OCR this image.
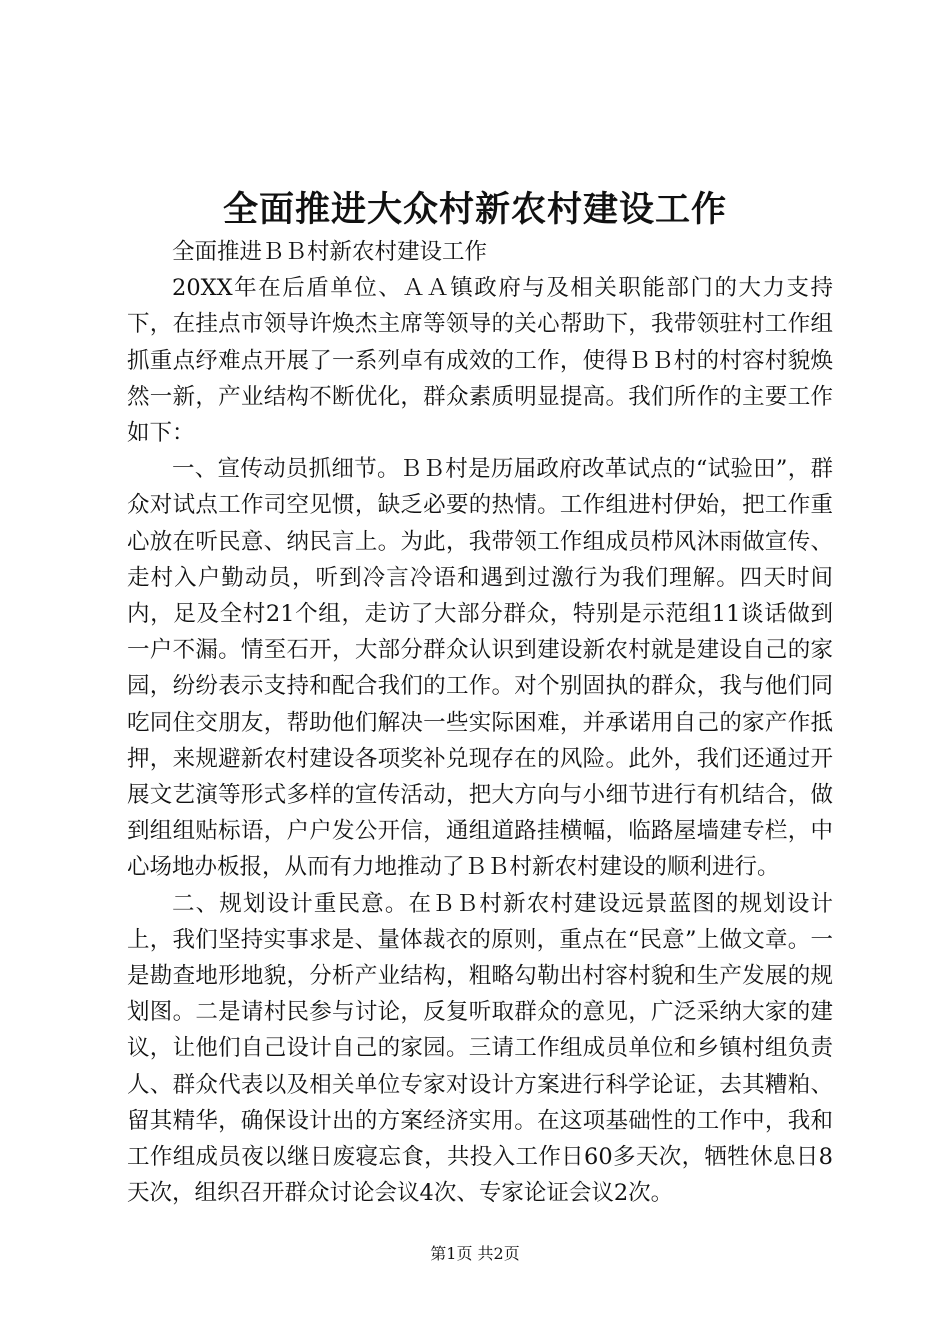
全面推进大众村新农村建设工作

全面推进ＢＢ村新农村建设工作

20XX年在后盾单位、ＡＡ镇政府与及相关职能部门的大力支持下，在挂点市领导许焕杰主席等领导的关心帮助下，我带领驻村工作组抓重点纾难点开展了一系列卓有成效的工作，使得ＢＢ村的村容村貌焕然一新，产业结构不断优化，群众素质明显提高。我们所作的主要工作如下：

一、宣传动员抓细节。ＢＢ村是历届政府改革试点的“试验田”，群众对试点工作司空见惯，缺乏必要的热情。工作组进村伊始，把工作重心放在听民意、纳民言上。为此，我带领工作组成员栉风沐雨做宣传、走村入户勤动员，听到冷言冷语和遇到过激行为我们理解。四天时间内，足及全村21个组，走访了大部分群众，特别是示范组11谈话做到一户不漏。情至石开，大部分群众认识到建设新农村就是建设自己的家园，纷纷表示支持和配合我们的工作。对个别固执的群众，我与他们同吃同住交朋友，帮助他们解决一些实际困难，并承诺用自己的家产作抵押，来规避新农村建设各项奖补兑现存在的风险。此外，我们还通过开展文艺演等形式多样的宣传活动，把大方向与小细节进行有机结合，做到组组贴标语，户户发公开信，通组道路挂横幅，临路屋墙建专栏，中心场地办板报，从而有力地推动了ＢＢ村新农村建设的顺利进行。

二、规划设计重民意。在ＢＢ村新农村建设远景蓝图的规划设计上，我们坚持实事求是、量体裁衣的原则，重点在“民意”上做文章。一是勘查地形地貌，分析产业结构，粗略勾勒出村容村貌和生产发展的规划图。二是请村民参与讨论，反复听取群众的意见，广泛采纳大家的建议，让他们自己设计自己的家园。三请工作组成员单位和乡镇村组负责人、群众代表以及相关单位专家对设计方案进行科学论证，去其糟粕、留其精华，确保设计出的方案经济实用。在这项基础性的工作中，我和工作组成员夜以继日废寝忘食，共投入工作日60多天次，牺牲休息日8天次，组织召开群众讨论会议4次、专家论证会议2次。

第1页 共2页
